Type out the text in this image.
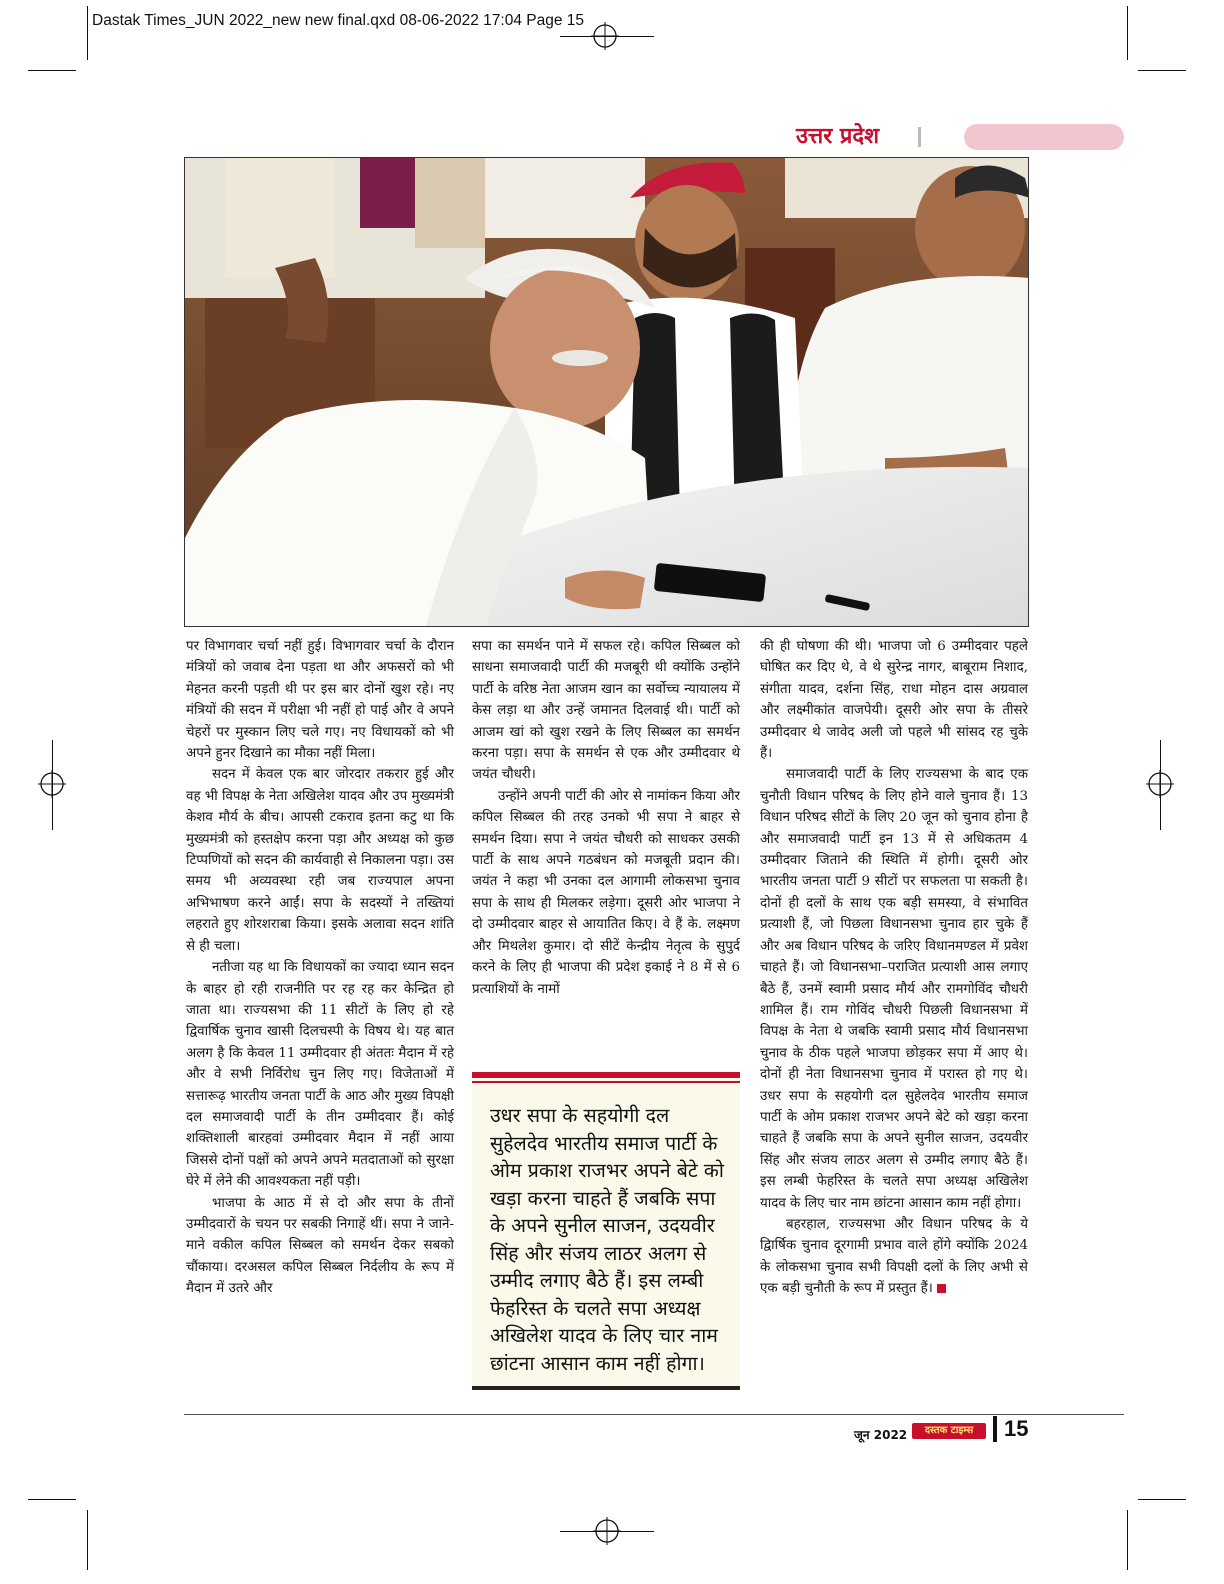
Dastak Times_JUN 2022_new new final.qxd 08-06-2022 17:04 Page 15
उत्तर प्रदेश

पर विभागवार चर्चा नहीं हुई। विभागवार चर्चा के दौरान मंत्रियों को जवाब देना पड़ता था और अफसरों को भी मेहनत करनी पड़ती थी पर इस बार दोनों खुश रहे। नए मंत्रियों की सदन में परीक्षा भी नहीं हो पाई और वे अपने चेहरों पर मुस्कान लिए चले गए। नए विधायकों को भी अपने हुनर दिखाने का मौका नहीं मिला।

सदन में केवल एक बार जोरदार तकरार हुई और वह भी विपक्ष के नेता अखिलेश यादव और उप मुख्यमंत्री केशव मौर्य के बीच। आपसी टकराव इतना कटु था कि मुख्यमंत्री को हस्तक्षेप करना पड़ा और अध्यक्ष को कुछ टिप्पणियों को सदन की कार्यवाही से निकालना पड़ा। उस समय भी अव्यवस्था रही जब राज्यपाल अपना अभिभाषण करने आईं। सपा के सदस्यों ने तख्तियां लहराते हुए शोरशराबा किया। इसके अलावा सदन शांति से ही चला।

नतीजा यह था कि विधायकों का ज्यादा ध्यान सदन के बाहर हो रही राजनीति पर रह रह कर केन्द्रित हो जाता था। राज्यसभा की 11 सीटों के लिए हो रहे द्विवार्षिक चुनाव खासी दिलचस्पी के विषय थे। यह बात अलग है कि केवल 11 उम्मीदवार ही अंततः मैदान में रहे और वे सभी निर्विरोध चुन लिए गए। विजेताओं में सत्तारूढ़ भारतीय जनता पार्टी के आठ और मुख्य विपक्षी दल समाजवादी पार्टी के तीन उम्मीदवार हैं। कोई शक्तिशाली बारहवां उम्मीदवार मैदान में नहीं आया जिससे दोनों पक्षों को अपने अपने मतदाताओं को सुरक्षा घेरे में लेने की आवश्यकता नहीं पड़ी।

भाजपा के आठ में से दो और सपा के तीनों उम्मीदवारों के चयन पर सबकी निगाहें थीं। सपा ने जाने-माने वकील कपिल सिब्बल को समर्थन देकर सबको चौंकाया। दरअसल कपिल सिब्बल निर्दलीय के रूप में मैदान में उतरे और

सपा का समर्थन पाने में सफल रहे। कपिल सिब्बल को साधना समाजवादी पार्टी की मजबूरी थी क्योंकि उन्होंने पार्टी के वरिष्ठ नेता आजम खान का सर्वोच्च न्यायालय में केस लड़ा था और उन्हें जमानत दिलवाई थी। पार्टी को आजम खां को खुश रखने के लिए सिब्बल का समर्थन करना पड़ा। सपा के समर्थन से एक और उम्मीदवार थे जयंत चौधरी।

उन्होंने अपनी पार्टी की ओर से नामांकन किया और कपिल सिब्बल की तरह उनको भी सपा ने बाहर से समर्थन दिया। सपा ने जयंत चौधरी को साधकर उसकी पार्टी के साथ अपने गठबंधन को मजबूती प्रदान की। जयंत ने कहा भी उनका दल आगामी लोकसभा चुनाव सपा के साथ ही मिलकर लड़ेगा। दूसरी ओर भाजपा ने दो उम्मीदवार बाहर से आयातित किए। वे हैं के. लक्ष्मण और मिथलेश कुमार। दो सीटें केन्द्रीय नेतृत्व के सुपुर्द करने के लिए ही भाजपा की प्रदेश इकाई ने 8 में से 6 प्रत्याशियों के नामों

की ही घोषणा की थी। भाजपा जो 6 उम्मीदवार पहले घोषित कर दिए थे, वे थे सुरेन्द्र नागर, बाबूराम निशाद, संगीता यादव, दर्शना सिंह, राधा मोहन दास अग्रवाल और लक्ष्मीकांत वाजपेयी। दूसरी ओर सपा के तीसरे उम्मीदवार थे जावेद अली जो पहले भी सांसद रह चुके हैं।

समाजवादी पार्टी के लिए राज्यसभा के बाद एक चुनौती विधान परिषद के लिए होने वाले चुनाव हैं। 13 विधान परिषद सीटों के लिए 20 जून को चुनाव होना है और समाजवादी पार्टी इन 13 में से अधिकतम 4 उम्मीदवार जिताने की स्थिति में होगी। दूसरी ओर भारतीय जनता पार्टी 9 सीटों पर सफलता पा सकती है। दोनों ही दलों के साथ एक बड़ी समस्या, वे संभावित प्रत्याशी हैं, जो पिछला विधानसभा चुनाव हार चुके हैं और अब विधान परिषद के जरिए विधानमण्डल में प्रवेश चाहते हैं। जो विधानसभा–पराजित प्रत्याशी आस लगाए बैठे हैं, उनमें स्वामी प्रसाद मौर्य और रामगोविंद चौधरी शामिल हैं। राम गोविंद चौधरी पिछली विधानसभा में विपक्ष के नेता थे जबकि स्वामी प्रसाद मौर्य विधानसभा चुनाव के ठीक पहले भाजपा छोड़कर सपा में आए थे। दोनों ही नेता विधानसभा चुनाव में परास्त हो गए थे। उधर सपा के सहयोगी दल सुहेलदेव भारतीय समाज पार्टी के ओम प्रकाश राजभर अपने बेटे को खड़ा करना चाहते हैं जबकि सपा के अपने सुनील साजन, उदयवीर सिंह और संजय लाठर अलग से उम्मीद लगाए बैठे हैं। इस लम्बी फेहरिस्त के चलते सपा अध्यक्ष अखिलेश यादव के लिए चार नाम छांटना आसान काम नहीं होगा।

बहरहाल, राज्यसभा और विधान परिषद के ये द्विार्षिक चुनाव दूरगामी प्रभाव वाले होंगे क्योंकि 2024 के लोकसभा चुनाव सभी विपक्षी दलों के लिए अभी से एक बड़ी चुनौती के रूप में प्रस्तुत हैं।

उधर सपा के सहयोगी दल सुहेलदेव भारतीय समाज पार्टी के ओम प्रकाश राजभर अपने बेटे को खड़ा करना चाहते हैं जबकि सपा के अपने सुनील साजन, उदयवीर सिंह और संजय लाठर अलग से उम्मीद लगाए बैठे हैं। इस लम्बी फेहरिस्त के चलते सपा अध्यक्ष अखिलेश यादव के लिए चार नाम छांटना आसान काम नहीं होगा।
जून 2022	दस्तक टाइम्स	15
